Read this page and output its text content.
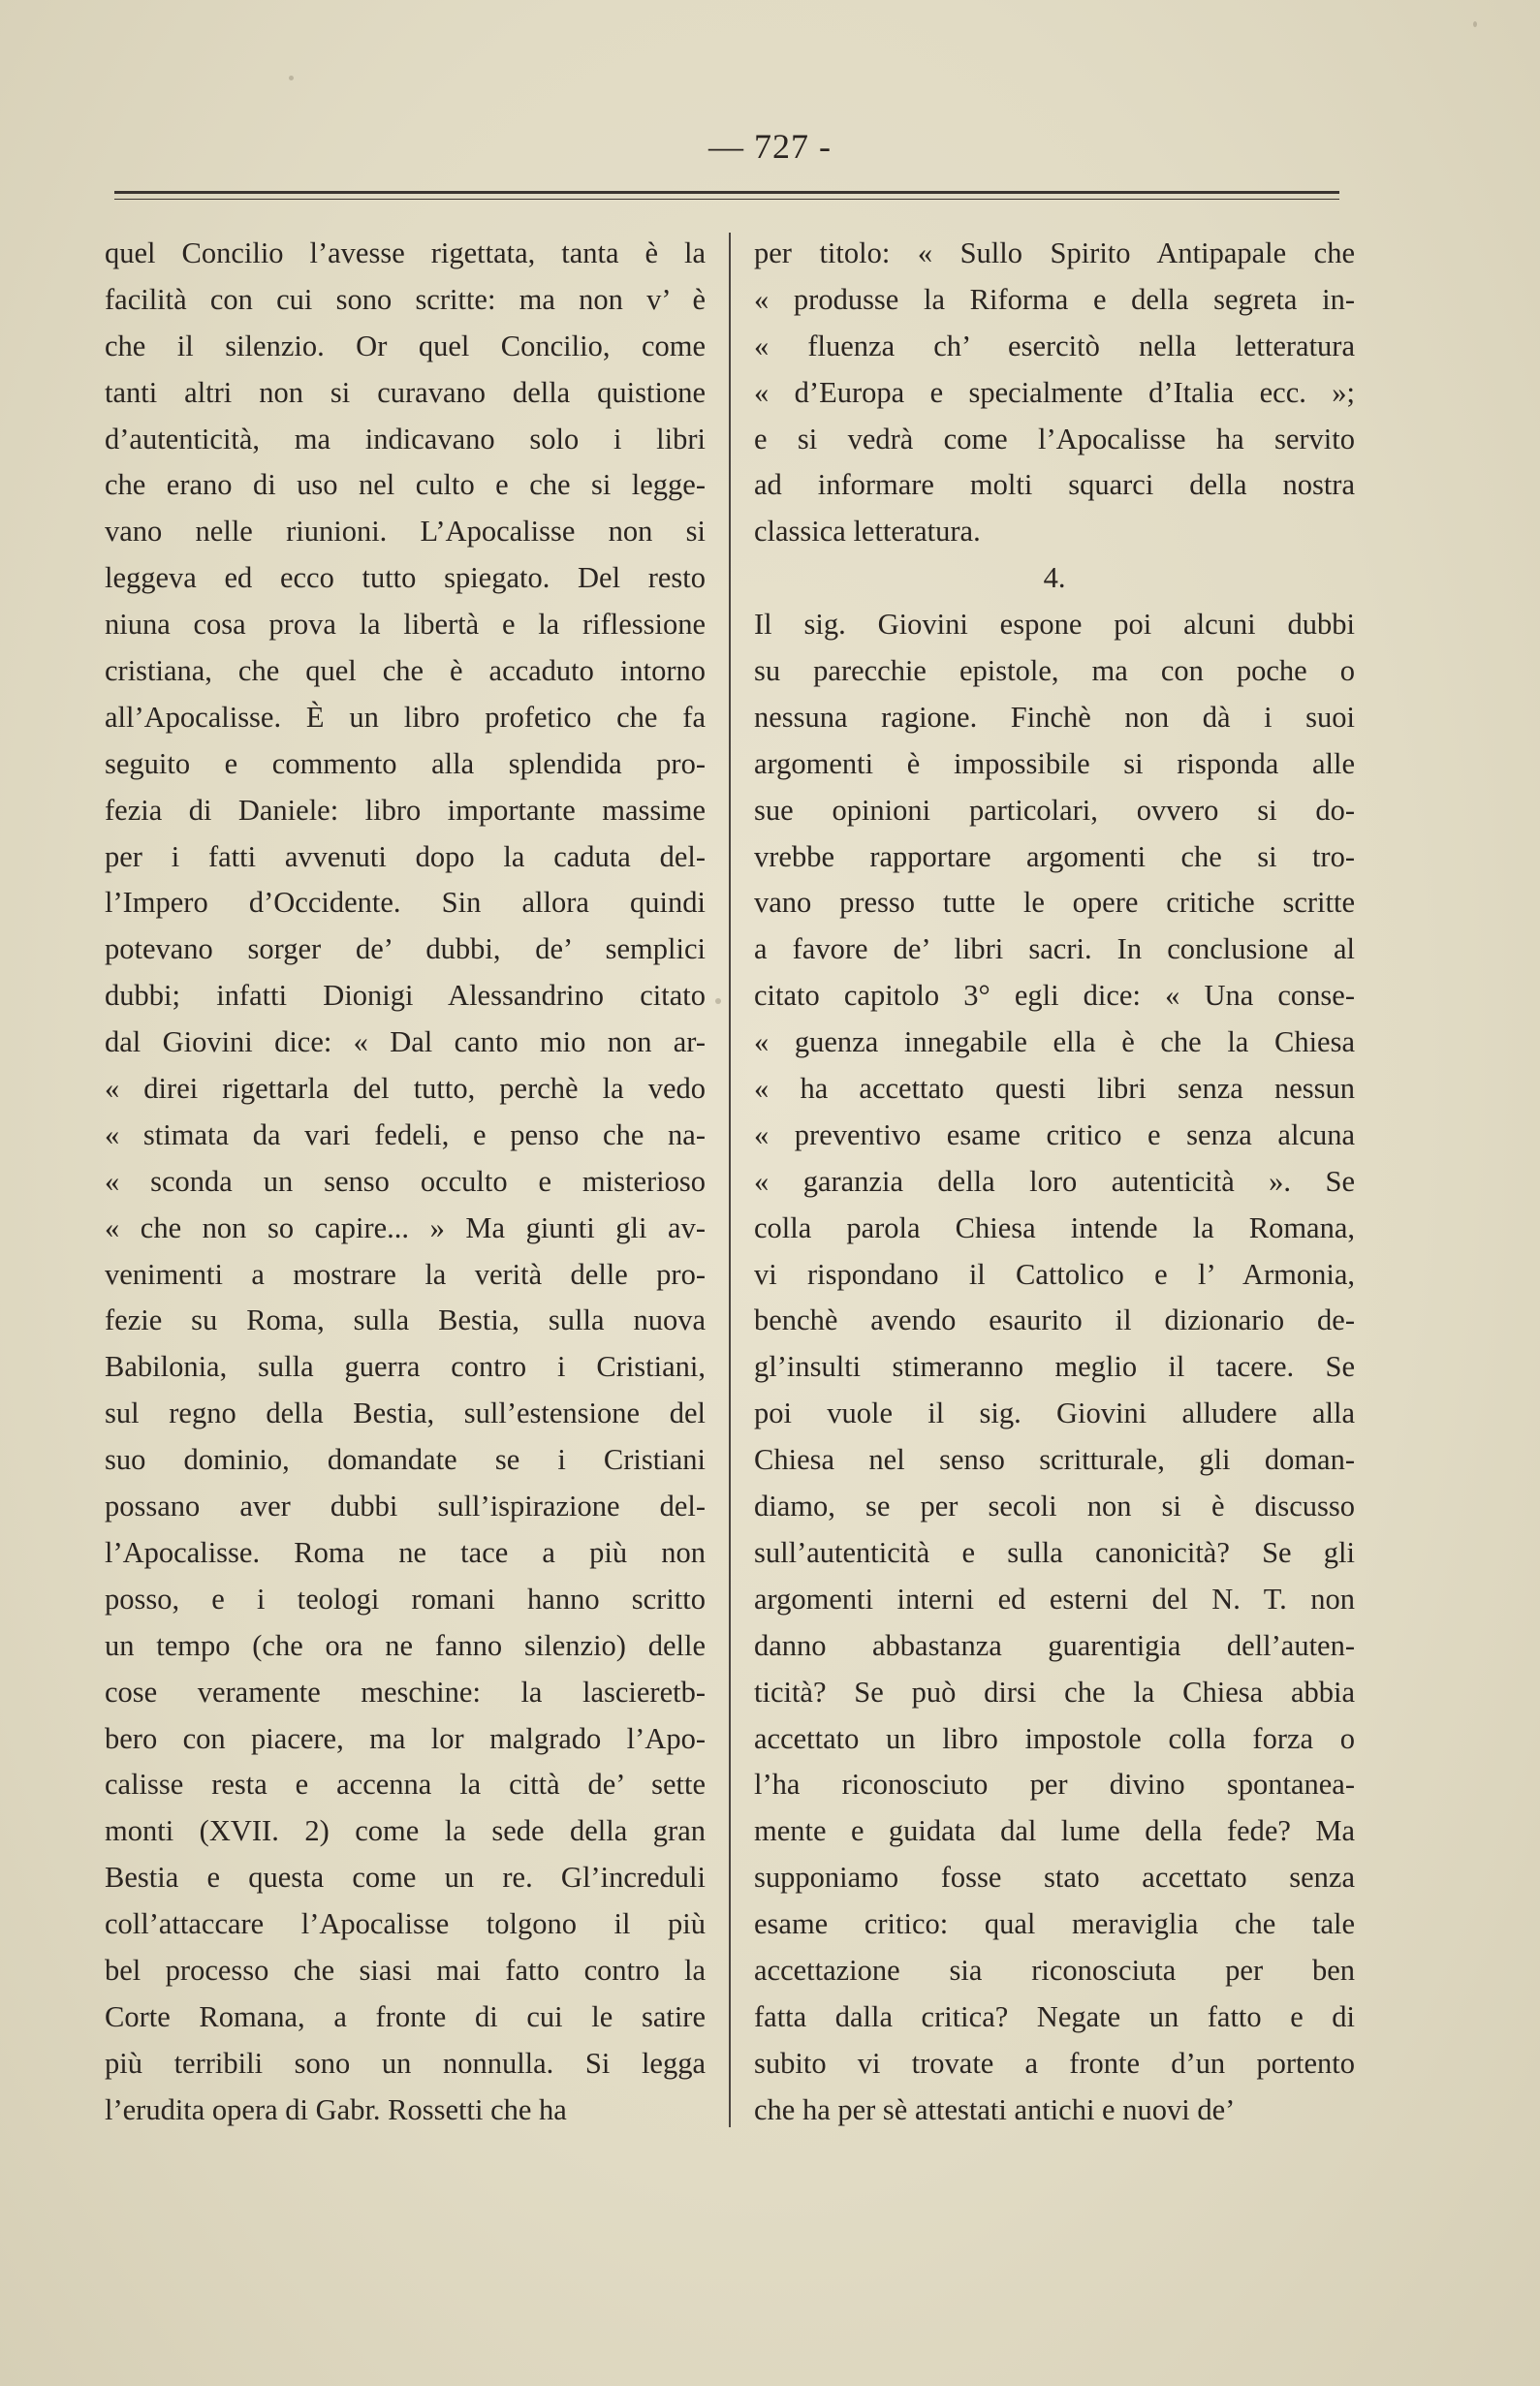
— 727 -
quel Concilio l’avesse rigettata, tanta è la
facilità con cui sono scritte: ma non v’ è
che il silenzio. Or quel Concilio, come
tanti altri non si curavano della quistione
d’autenticità, ma indicavano solo i libri
che erano di uso nel culto e che si legge-
vano nelle riunioni. L’Apocalisse non si
leggeva ed ecco tutto spiegato. Del resto
niuna cosa prova la libertà e la riflessione
cristiana, che quel che è accaduto intorno
all’Apocalisse. È un libro profetico che fa
seguito e commento alla splendida pro-
fezia di Daniele: libro importante massime
per i fatti avvenuti dopo la caduta del-
l’Impero d’Occidente. Sin allora quindi
potevano sorger de’ dubbi, de’ semplici
dubbi; infatti Dionigi Alessandrino citato
dal Giovini dice: « Dal canto mio non ar-
« direi rigettarla del tutto, perchè la vedo
« stimata da vari fedeli, e penso che na-
« sconda un senso occulto e misterioso
« che non so capire... » Ma giunti gli av-
venimenti a mostrare la verità delle pro-
fezie su Roma, sulla Bestia, sulla nuova
Babilonia, sulla guerra contro i Cristiani,
sul regno della Bestia, sull’estensione del
suo dominio, domandate se i Cristiani
possano aver dubbi sull’ispirazione del-
l’Apocalisse. Roma ne tace a più non
posso, e i teologi romani hanno scritto
un tempo (che ora ne fanno silenzio) delle
cose veramente meschine: la lascieretb-
bero con piacere, ma lor malgrado l’Apo-
calisse resta e accenna la città de’ sette
monti (XVII. 2) come la sede della gran
Bestia e questa come un re. Gl’increduli
coll’attaccare l’Apocalisse tolgono il più
bel processo che siasi mai fatto contro la
Corte Romana, a fronte di cui le satire
più terribili sono un nonnulla. Si legga
l’erudita opera di Gabr. Rossetti che ha
per titolo: « Sullo Spirito Antipapale che
« produsse la Riforma e della segreta in-
« fluenza ch’ esercitò nella letteratura
« d’Europa e specialmente d’Italia ecc. »;
e si vedrà come l’Apocalisse ha servito
ad informare molti squarci della nostra
classica letteratura.
4.
Il sig. Giovini espone poi alcuni dubbi
su parecchie epistole, ma con poche o
nessuna ragione. Finchè non dà i suoi
argomenti è impossibile si risponda alle
sue opinioni particolari, ovvero si do-
vrebbe rapportare argomenti che si tro-
vano presso tutte le opere critiche scritte
a favore de’ libri sacri. In conclusione al
citato capitolo 3° egli dice: « Una conse-
« guenza innegabile ella è che la Chiesa
« ha accettato questi libri senza nessun
« preventivo esame critico e senza alcuna
« garanzia della loro autenticità ». Se
colla parola Chiesa intende la Romana,
vi rispondano il Cattolico e l’ Armonia,
benchè avendo esaurito il dizionario de-
gl’insulti stimeranno meglio il tacere. Se
poi vuole il sig. Giovini alludere alla
Chiesa nel senso scritturale, gli doman-
diamo, se per secoli non si è discusso
sull’autenticità e sulla canonicità? Se gli
argomenti interni ed esterni del N. T. non
danno abbastanza guarentigia dell’auten-
ticità? Se può dirsi che la Chiesa abbia
accettato un libro impostole colla forza o
l’ha riconosciuto per divino spontanea-
mente e guidata dal lume della fede? Ma
supponiamo fosse stato accettato senza
esame critico: qual meraviglia che tale
accettazione sia riconosciuta per ben
fatta dalla critica? Negate un fatto e di
subito vi trovate a fronte d’un portento
che ha per sè attestati antichi e nuovi de’
